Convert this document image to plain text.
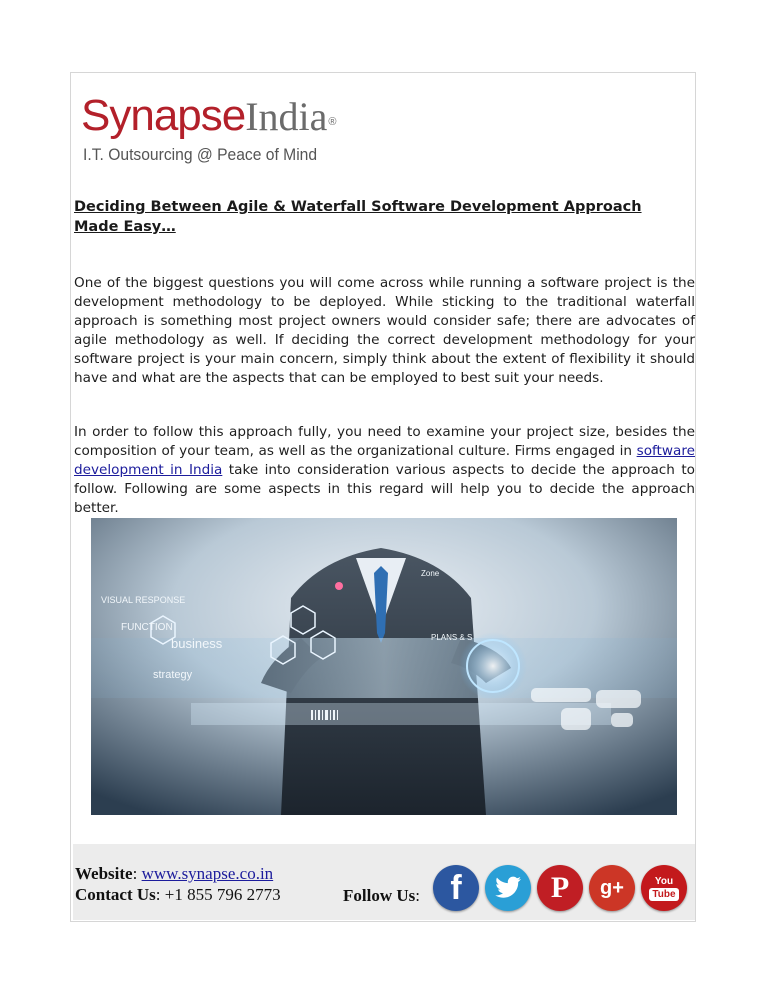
SynapseIndia®
I.T. Outsourcing @ Peace of Mind
Deciding Between Agile & Waterfall Software Development Approach Made Easy…

One of the biggest questions you will come across while running a software project is the development methodology to be deployed. While sticking to the traditional waterfall approach is something most project owners would consider safe; there are advocates of agile methodology as well. If deciding the correct development methodology for your software project is your main concern, simply think about the extent of flexibility it should have and what are the aspects that can be employed to best suit your needs.

In order to follow this approach fully, you need to examine your project size, besides the composition of your team, as well as the organizational culture. Firms engaged in software development in India take into consideration various aspects to decide the approach to follow. Following are some aspects in this regard will help you to decide the approach better.

VISUAL RESPONSE
business
FUNCTION
strategy
Zone
PLANS & S
Website: www.synapse.co.in
Contact Us: +1 855 796 2773	Follow Us: f	P	g+	You
Tube
